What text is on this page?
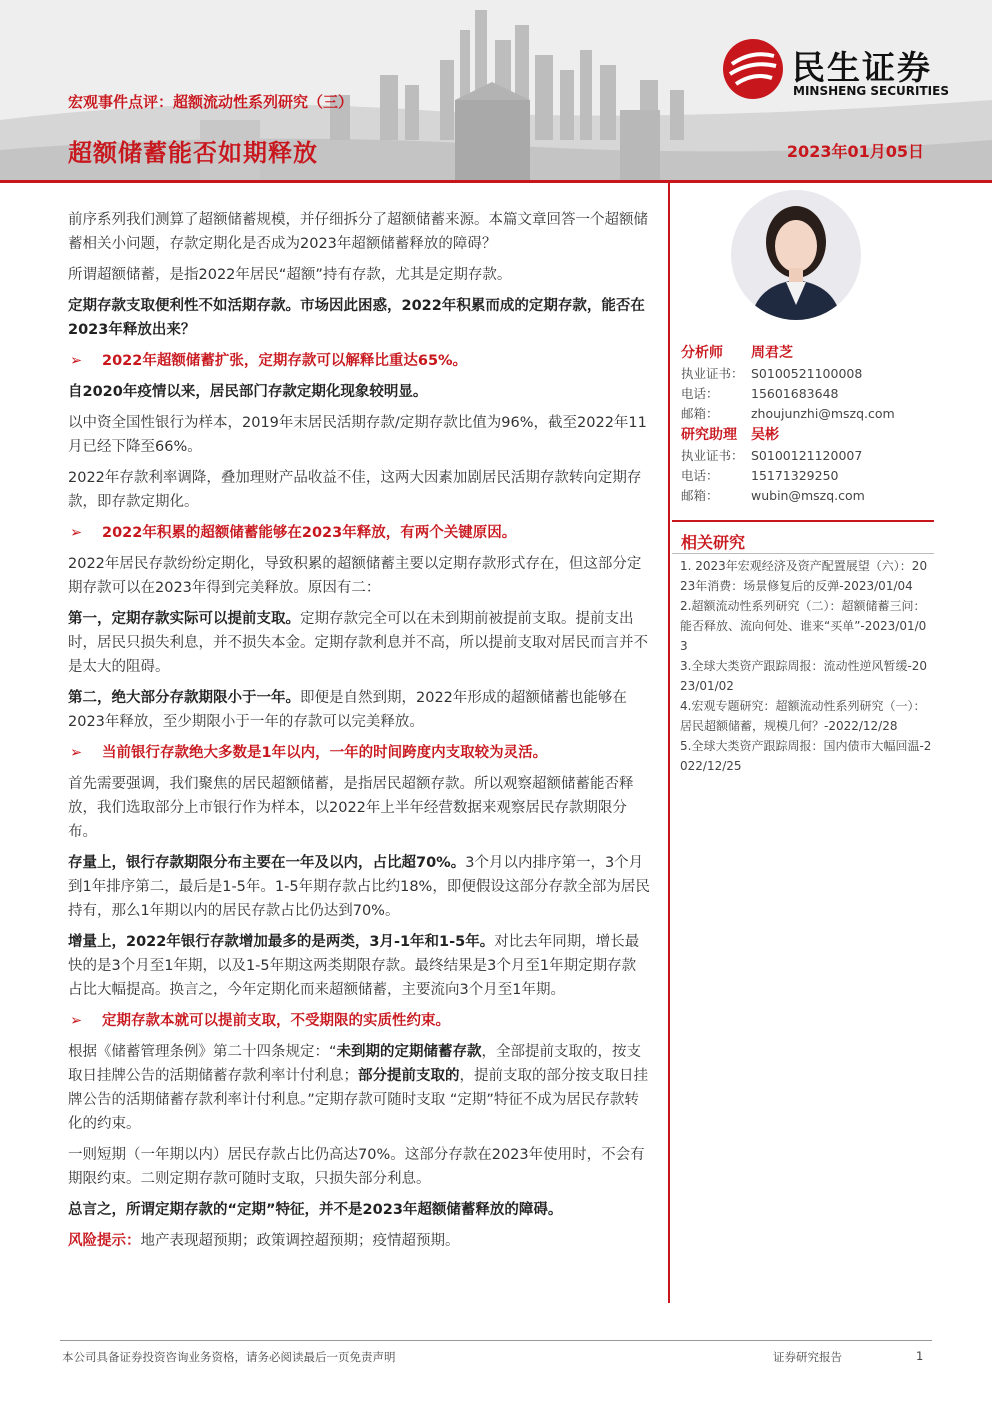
民生证券
MINSHENG SECURITIES
宏观事件点评：超额流动性系列研究（三）
超额储蓄能否如期释放	2023年01月05日

前序系列我们测算了超额储蓄规模，并仔细拆分了超额储蓄来源。本篇文章回答一个超额储蓄相关小问题，存款定期化是否成为2023年超额储蓄释放的障碍？

所谓超额储蓄，是指2022年居民“超额”持有存款，尤其是定期存款。

定期存款支取便利性不如活期存款。市场因此困惑，2022年积累而成的定期存款，能否在2023年释放出来？

➢ 2022年超额储蓄扩张，定期存款可以解释比重达65%。

自2020年疫情以来，居民部门存款定期化现象较明显。

以中资全国性银行为样本，2019年末居民活期存款/定期存款比值为96%，截至2022年11月已经下降至66%。

2022年存款利率调降，叠加理财产品收益不佳，这两大因素加剧居民活期存款转向定期存款，即存款定期化。

➢ 2022年积累的超额储蓄能够在2023年释放，有两个关键原因。

2022年居民存款纷纷定期化，导致积累的超额储蓄主要以定期存款形式存在，但这部分定期存款可以在2023年得到完美释放。原因有二：

第一，定期存款实际可以提前支取。定期存款完全可以在未到期前被提前支取。提前支出时，居民只损失利息，并不损失本金。定期存款利息并不高，所以提前支取对居民而言并不是太大的阻碍。

第二，绝大部分存款期限小于一年。即便是自然到期，2022年形成的超额储蓄也能够在2023年释放，至少期限小于一年的存款可以完美释放。

➢ 当前银行存款绝大多数是1年以内，一年的时间跨度内支取较为灵活。

首先需要强调，我们聚焦的居民超额储蓄，是指居民超额存款。所以观察超额储蓄能否释放，我们选取部分上市银行作为样本，以2022年上半年经营数据来观察居民存款期限分布。

存量上，银行存款期限分布主要在一年及以内，占比超70%。3个月以内排序第一，3个月到1年排序第二，最后是1-5年。1-5年期存款占比约18%，即便假设这部分存款全部为居民持有，那么1年期以内的居民存款占比仍达到70%。

增量上，2022年银行存款增加最多的是两类，3月-1年和1-5年。对比去年同期，增长最快的是3个月至1年期，以及1-5年期这两类期限存款。最终结果是3个月至1年期定期存款占比大幅提高。换言之，今年定期化而来超额储蓄，主要流向3个月至1年期。

➢ 定期存款本就可以提前支取，不受期限的实质性约束。

根据《储蓄管理条例》第二十四条规定：“未到期的定期储蓄存款，全部提前支取的，按支取日挂牌公告的活期储蓄存款利率计付利息；部分提前支取的，提前支取的部分按支取日挂牌公告的活期储蓄存款利率计付利息。”定期存款可随时支取 “定期”特征不成为居民存款转化的约束。

一则短期（一年期以内）居民存款占比仍高达70%。这部分存款在2023年使用时，不会有期限约束。二则定期存款可随时支取，只损失部分利息。

总言之，所谓定期存款的“定期”特征，并不是2023年超额储蓄释放的障碍。

风险提示：地产表现超预期；政策调控超预期；疫情超预期。

分析师 周君芝
执业证书： S0100521100008
电话：	15601683648
邮箱：	zhoujunzhi@mszq.com
研究助理 吴彬
执业证书： S0100121120007
电话：	15171329250
邮箱：	wubin@mszq.com
相关研究
1. 2023年宏观经济及资产配置展望（六）：2023年消费：场景修复后的反弹-2023/01/04
2.超额流动性系列研究（二）：超额储蓄三问：能否释放、流向何处、谁来“买单”-2023/01/03
3.全球大类资产跟踪周报：流动性逆风暂缓-2023/01/02
4.宏观专题研究：超额流动性系列研究（一）：居民超额储蓄，规模几何？-2022/12/28
5.全球大类资产跟踪周报：国内债市大幅回温-2022/12/25
本公司具备证券投资咨询业务资格，请务必阅读最后一页免责声明	证券研究报告	1
